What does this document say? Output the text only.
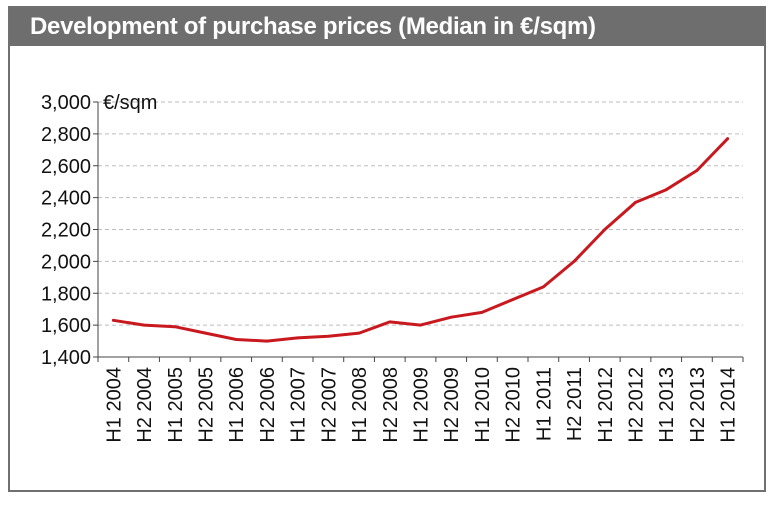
Development of purchase prices (Median in €/sqm)
1,400
1,600
1,800
2,000
2,200
2,400
2,600
2,800
3,000
H1 2004 H2 2004 H1 2005 H2 2005 H1 2006 H2 2006 H1 2007 H2 2007 H1 2008 H2 2008 H1 2009 H2 2009 H1 2010 H2 2010 H1 2011 H2 2011 H1 2012 H2 2012 H1 2013 H2 2013 H1 2014
€/sqm
